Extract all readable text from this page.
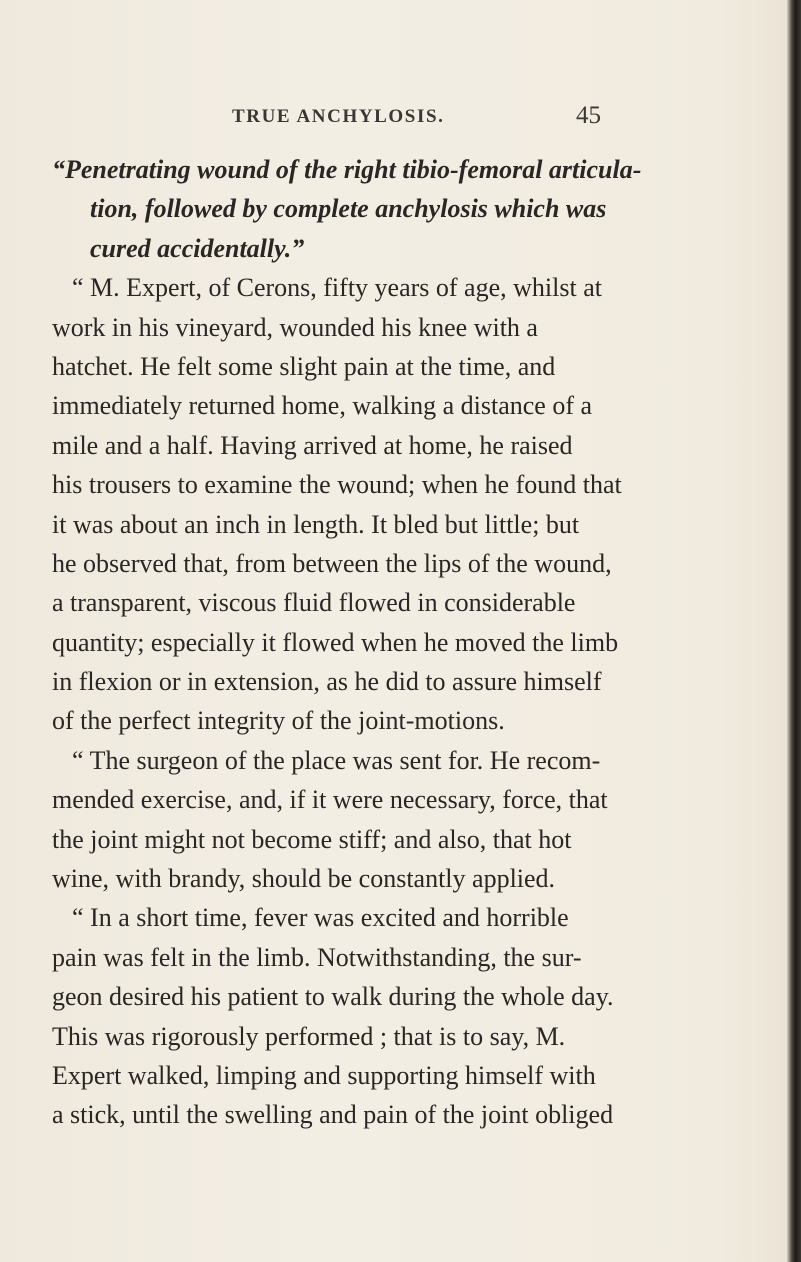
TRUE ANCHYLOSIS.	45
“Penetrating wound of the right tibio-femoral articula-
tion, followed by complete anchylosis which was
cured accidentally.”
“ M. Expert, of Cerons, fifty years of age, whilst at
work in his vineyard, wounded his knee with a
hatchet. He felt some slight pain at the time, and
immediately returned home, walking a distance of a
mile and a half. Having arrived at home, he raised
his trousers to examine the wound; when he found that
it was about an inch in length. It bled but little; but
he observed that, from between the lips of the wound,
a transparent, viscous fluid flowed in considerable
quantity; especially it flowed when he moved the limb
in flexion or in extension, as he did to assure himself
of the perfect integrity of the joint-motions.
“ The surgeon of the place was sent for. He recom-
mended exercise, and, if it were necessary, force, that
the joint might not become stiff; and also, that hot
wine, with brandy, should be constantly applied.
“ In a short time, fever was excited and horrible
pain was felt in the limb. Notwithstanding, the sur-
geon desired his patient to walk during the whole day.
This was rigorously performed ; that is to say, M.
Expert walked, limping and supporting himself with
a stick, until the swelling and pain of the joint obliged
